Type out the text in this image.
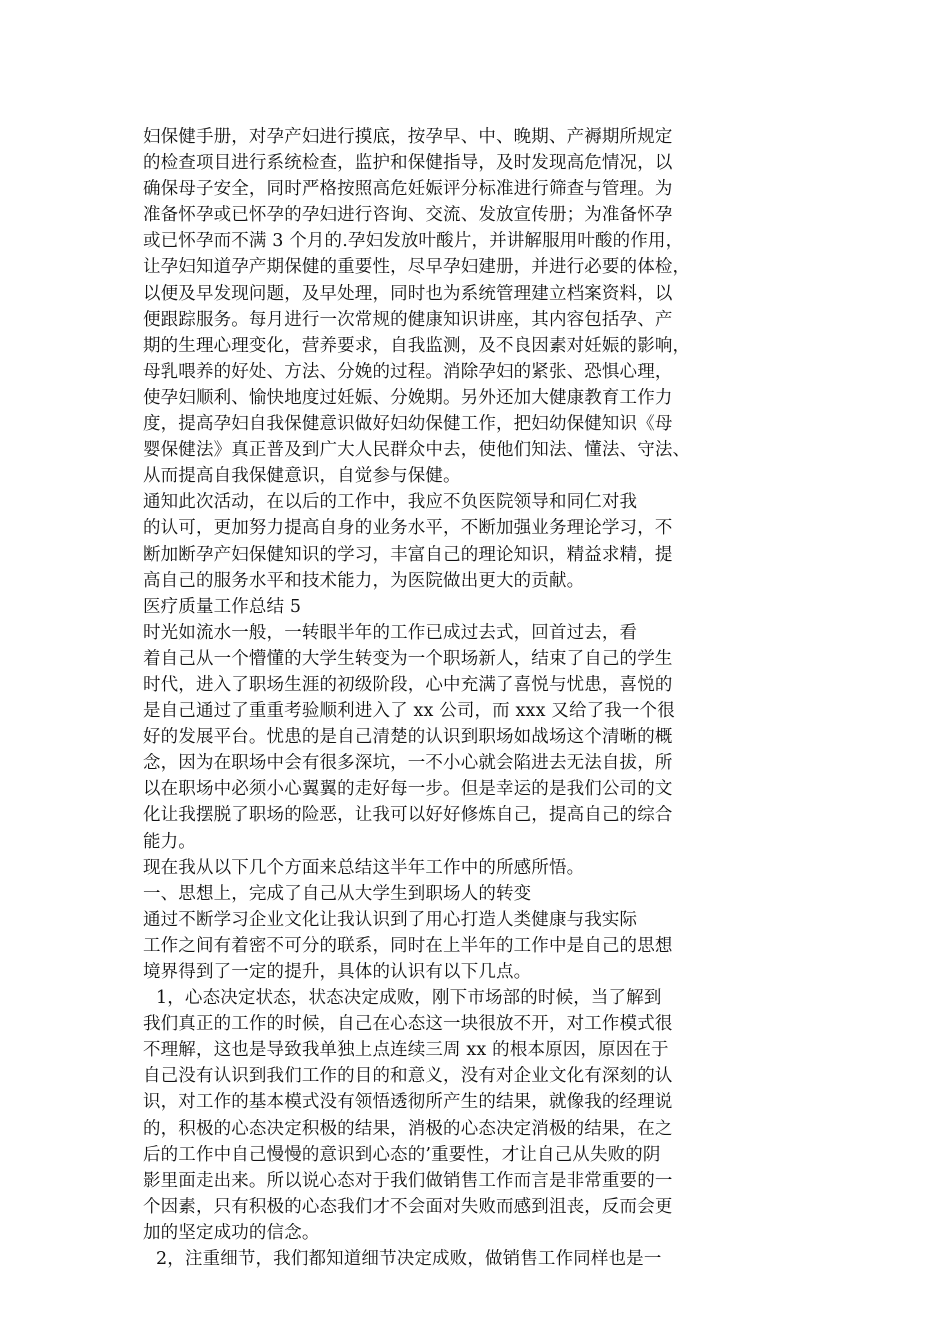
妇保健手册，对孕产妇进行摸底，按孕早、中、晚期、产褥期所规定
的检查项目进行系统检查，监护和保健指导，及时发现高危情况，以
确保母子安全，同时严格按照高危妊娠评分标准进行筛查与管理。为
准备怀孕或已怀孕的孕妇进行咨询、交流、发放宣传册；为准备怀孕
或已怀孕而不满 3 个月的.孕妇发放叶酸片，并讲解服用叶酸的作用，
让孕妇知道孕产期保健的重要性，尽早孕妇建册，并进行必要的体检，
以便及早发现问题，及早处理，同时也为系统管理建立档案资料，以
便跟踪服务。每月进行一次常规的健康知识讲座，其内容包括孕、产
期的生理心理变化，营养要求，自我监测，及不良因素对妊娠的影响，
母乳喂养的好处、方法、分娩的过程。消除孕妇的紧张、恐惧心理，
使孕妇顺利、愉快地度过妊娠、分娩期。另外还加大健康教育工作力
度，提高孕妇自我保健意识做好妇幼保健工作，把妇幼保健知识《母
婴保健法》真正普及到广大人民群众中去，使他们知法、懂法、守法、
从而提高自我保健意识，自觉参与保健。
通知此次活动，在以后的工作中，我应不负医院领导和同仁对我
的认可，更加努力提高自身的业务水平，不断加强业务理论学习，不
断加断孕产妇保健知识的学习，丰富自己的理论知识，精益求精，提
高自己的服务水平和技术能力，为医院做出更大的贡献。
医疗质量工作总结 5
时光如流水一般，一转眼半年的工作已成过去式，回首过去，看
着自己从一个懵懂的大学生转变为一个职场新人，结束了自己的学生
时代，进入了职场生涯的初级阶段，心中充满了喜悦与忧患，喜悦的
是自己通过了重重考验顺利进入了 xx 公司，而 xxx 又给了我一个很
好的发展平台。忧患的是自己清楚的认识到职场如战场这个清晰的概
念，因为在职场中会有很多深坑，一不小心就会陷进去无法自拔，所
以在职场中必须小心翼翼的走好每一步。但是幸运的是我们公司的文
化让我摆脱了职场的险恶，让我可以好好修炼自己，提高自己的综合
能力。
现在我从以下几个方面来总结这半年工作中的所感所悟。
一、思想上，完成了自己从大学生到职场人的转变
通过不断学习企业文化让我认识到了用心打造人类健康与我实际
工作之间有着密不可分的联系，同时在上半年的工作中是自己的思想
境界得到了一定的提升，具体的认识有以下几点。
1，心态决定状态，状态决定成败，刚下市场部的时候，当了解到
我们真正的工作的时候，自己在心态这一块很放不开，对工作模式很
不理解，这也是导致我单独上点连续三周 xx 的根本原因，原因在于
自己没有认识到我们工作的目的和意义，没有对企业文化有深刻的认
识，对工作的基本模式没有领悟透彻所产生的结果，就像我的经理说
的，积极的心态决定积极的结果，消极的心态决定消极的结果，在之
后的工作中自己慢慢的意识到心态的’重要性，才让自己从失败的阴
影里面走出来。所以说心态对于我们做销售工作而言是非常重要的一
个因素，只有积极的心态我们才不会面对失败而感到沮丧，反而会更
加的坚定成功的信念。
2，注重细节，我们都知道细节决定成败，做销售工作同样也是一
